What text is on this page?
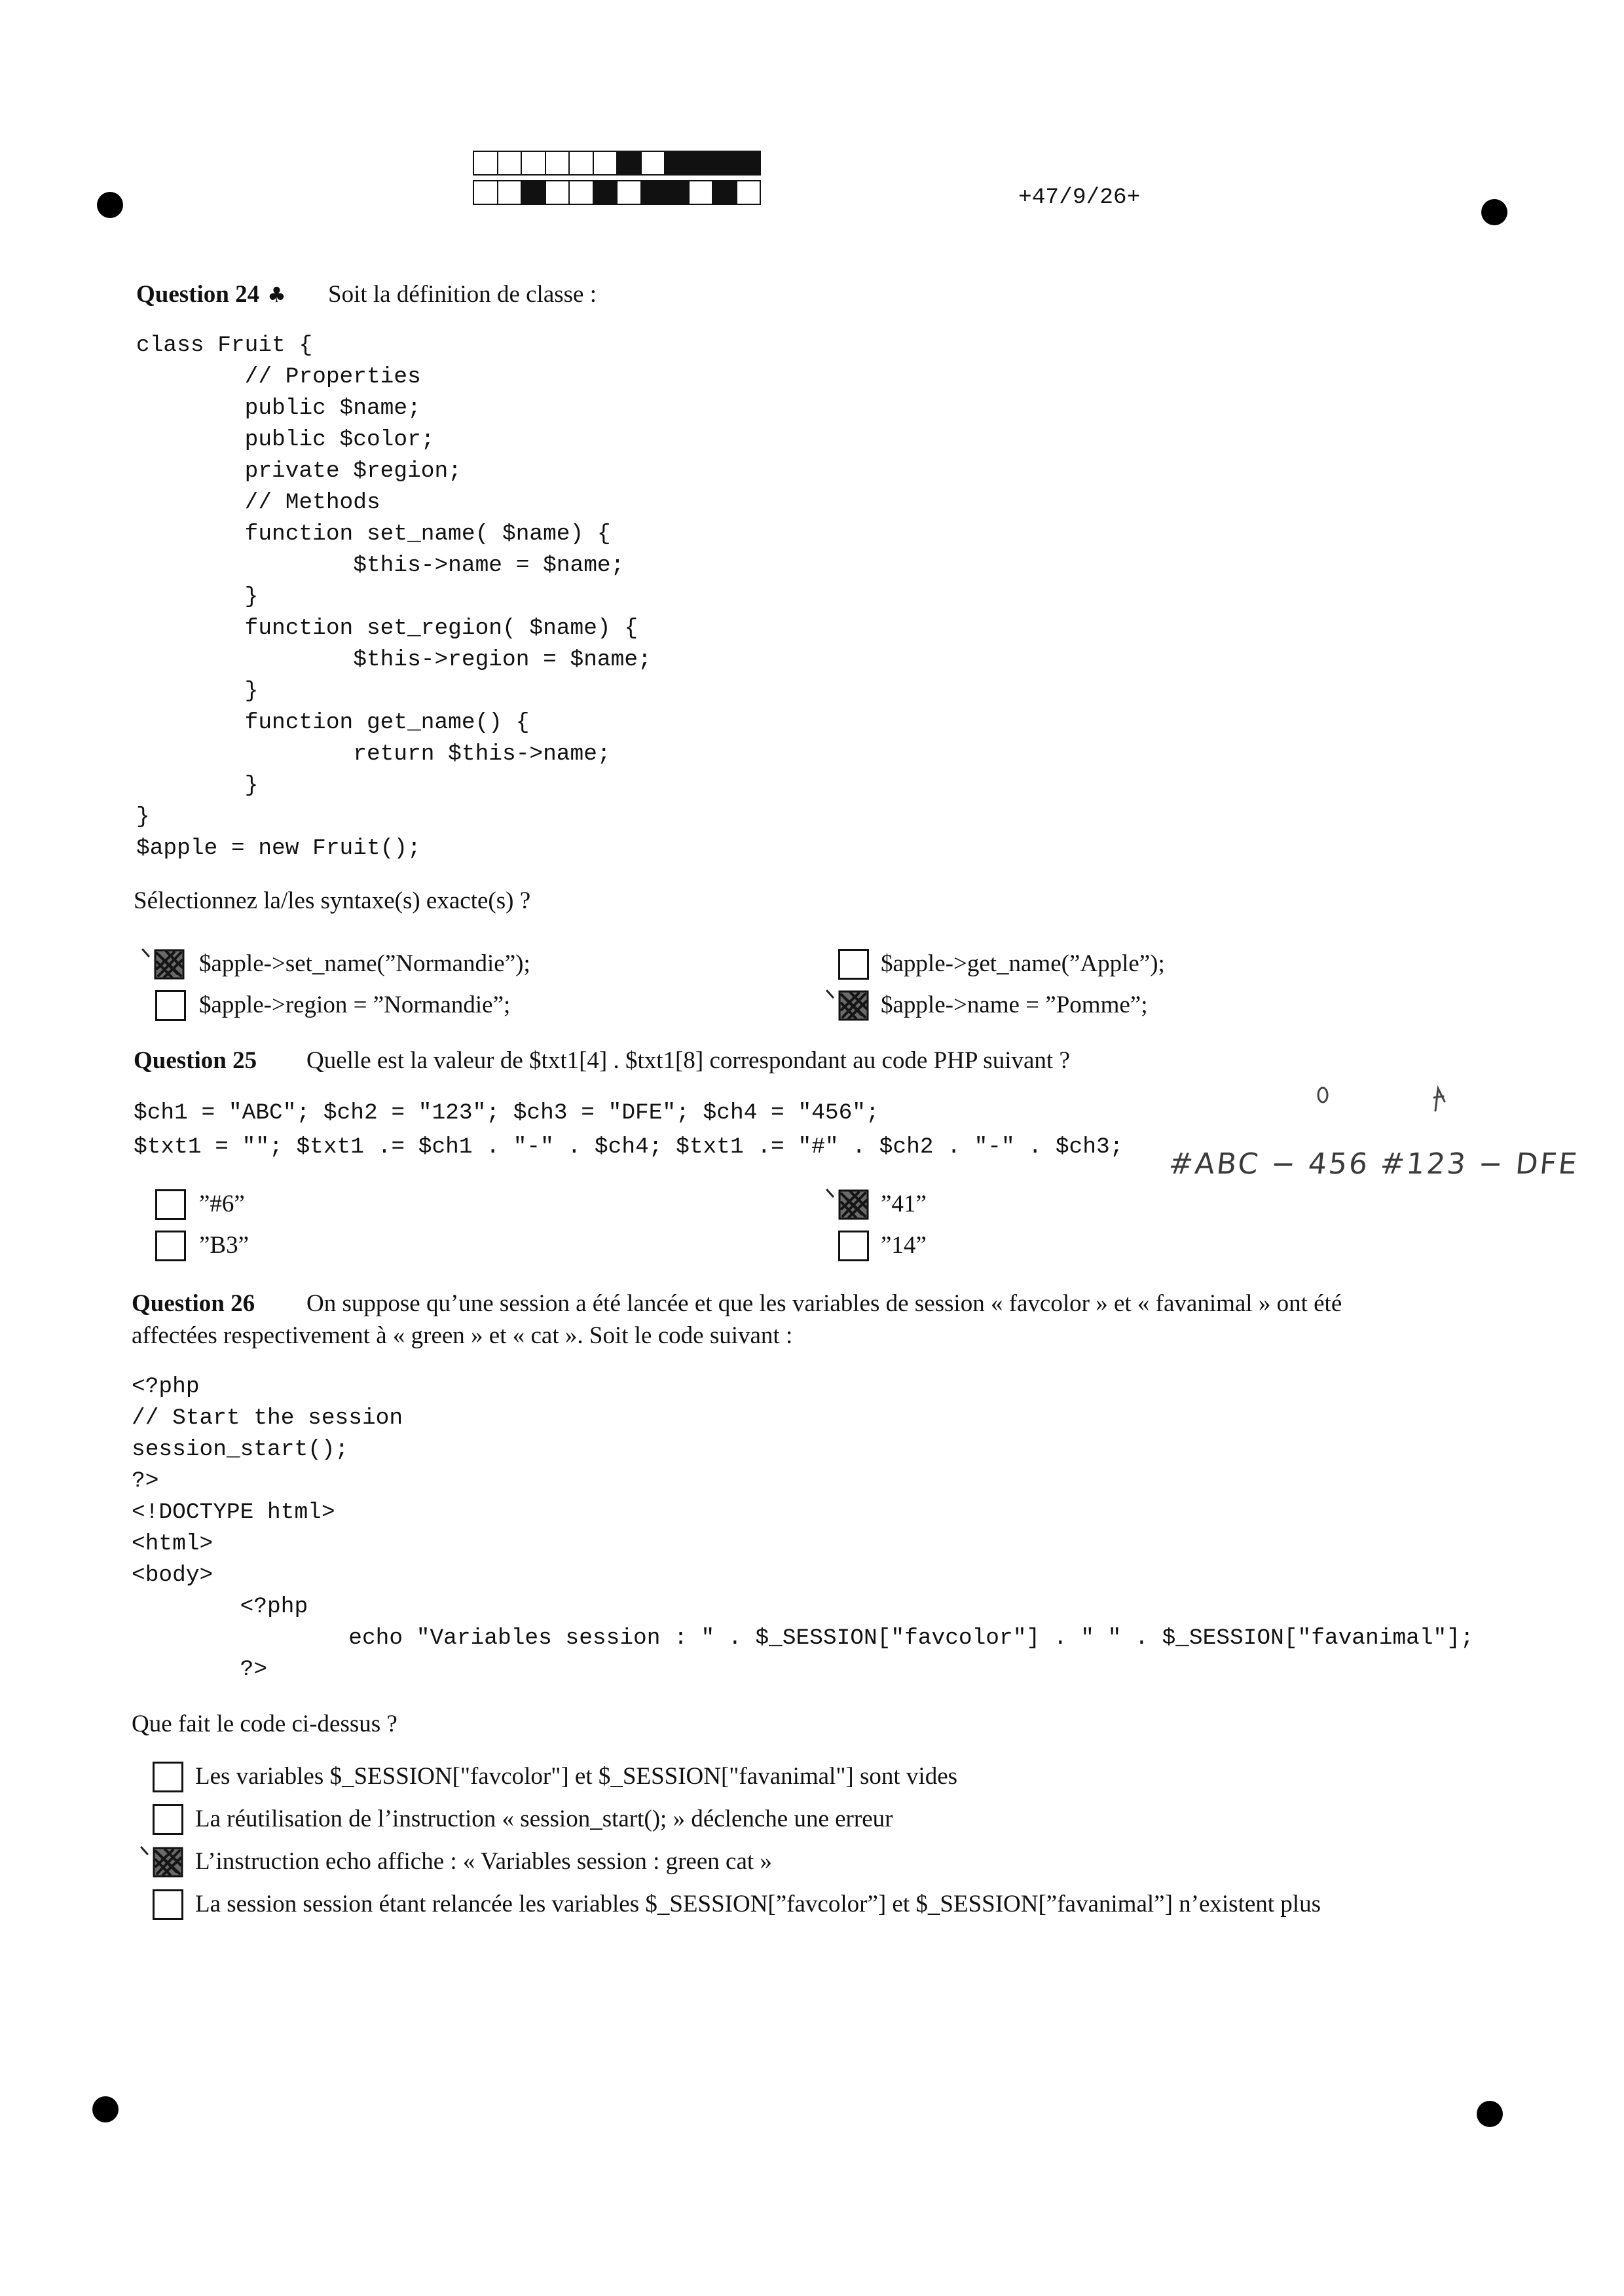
+47/9/26+
Question 24 ♣ Soit la définition de classe :
class Fruit {
// Properties
public $name;
public $color;
private $region;
// Methods
function set_name( $name) {
$this->name = $name;
}
function set_region( $name) {
$this->region = $name;
}
function get_name() {
return $this->name;
}
}
$apple = new Fruit();
Sélectionnez la/les syntaxe(s) exacte(s) ?
$apple->set_name(”Normandie”);	$apple->get_name(”Apple”);
$apple->region = ”Normandie”;	$apple->name = ”Pomme”;
Question 25 Quelle est la valeur de $txt1[4] . $txt1[8] correspondant au code PHP suivant ?
$ch1 = "ABC"; $ch2 = "123"; $ch3 = "DFE"; $ch4 = "456";
$txt1 = ""; $txt1 .= $ch1 . "-" . $ch4; $txt1 .= "#" . $ch2 . "-" . $ch3;
#ABC − 456 #123 − DFE
”#6”	”41”
”B3”	”14”
Question 26 On suppose qu’une session a été lancée et que les variables de session « favcolor » et « favanimal » ont été
affectées respectivement à « green » et « cat ». Soit le code suivant :
<?php
// Start the session
session_start();
?>
<!DOCTYPE html>
<html>
<body>
<?php
echo "Variables session : " . $_SESSION["favcolor"] . " " . $_SESSION["favanimal"];
?>
Que fait le code ci-dessus ?
Les variables $_SESSION["favcolor"] et $_SESSION["favanimal"] sont vides
La réutilisation de l’instruction « session_start(); » déclenche une erreur
L’instruction echo affiche : « Variables session : green cat »
La session session étant relancée les variables $_SESSION[”favcolor”] et $_SESSION[”favanimal”] n’existent plus
